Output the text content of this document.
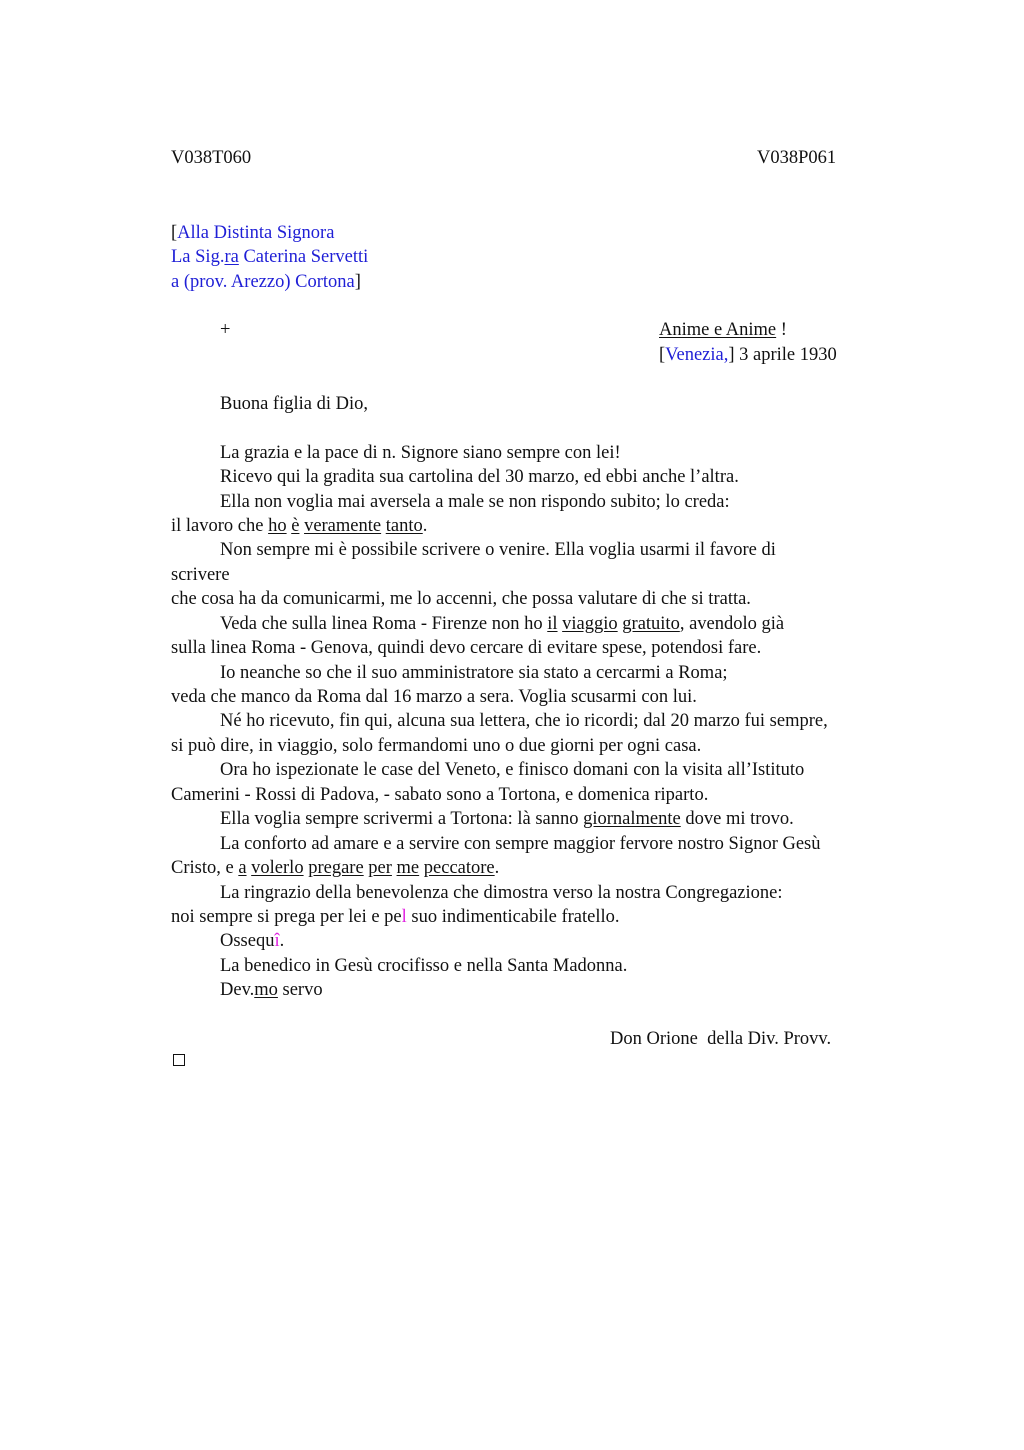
V038T060	V038P061
[Alla Distinta Signora
La Sig.ra Caterina Servetti
a (prov. Arezzo) Cortona]
+	Anime e Anime !
[Venezia,] 3 aprile 1930
Buona figlia di Dio,
La grazia e la pace di n. Signore siano sempre con lei!
Ricevo qui la gradita sua cartolina del 30 marzo, ed ebbi anche l’altra.
Ella non voglia mai aversela a male se non rispondo subito; lo creda:
il lavoro che ho è veramente tanto.
Non sempre mi è possibile scrivere o venire. Ella voglia usarmi il favore di
scrivere
che cosa ha da comunicarmi, me lo accenni, che possa valutare di che si tratta.
Veda che sulla linea Roma - Firenze non ho il viaggio gratuito, avendolo già
sulla linea Roma - Genova, quindi devo cercare di evitare spese, potendosi fare.
Io neanche so che il suo amministratore sia stato a cercarmi a Roma;
veda che manco da Roma dal 16 marzo a sera. Voglia scusarmi con lui.
Né ho ricevuto, fin qui, alcuna sua lettera, che io ricordi; dal 20 marzo fui sempre,
si può dire, in viaggio, solo fermandomi uno o due giorni per ogni casa.
Ora ho ispezionate le case del Veneto, e finisco domani con la visita all’Istituto
Camerini - Rossi di Padova, - sabato sono a Tortona, e domenica riparto.
Ella voglia sempre scrivermi a Tortona: là sanno giornalmente dove mi trovo.
La conforto ad amare e a servire con sempre maggior fervore nostro Signor Gesù
Cristo, e a volerlo pregare per me peccatore.
La ringrazio della benevolenza che dimostra verso la nostra Congregazione:
noi sempre si prega per lei e pel suo indimenticabile fratello.
Ossequî.
La benedico in Gesù crocifisso e nella Santa Madonna.
Dev.mo servo
Don Orione  della Div. Provv.
